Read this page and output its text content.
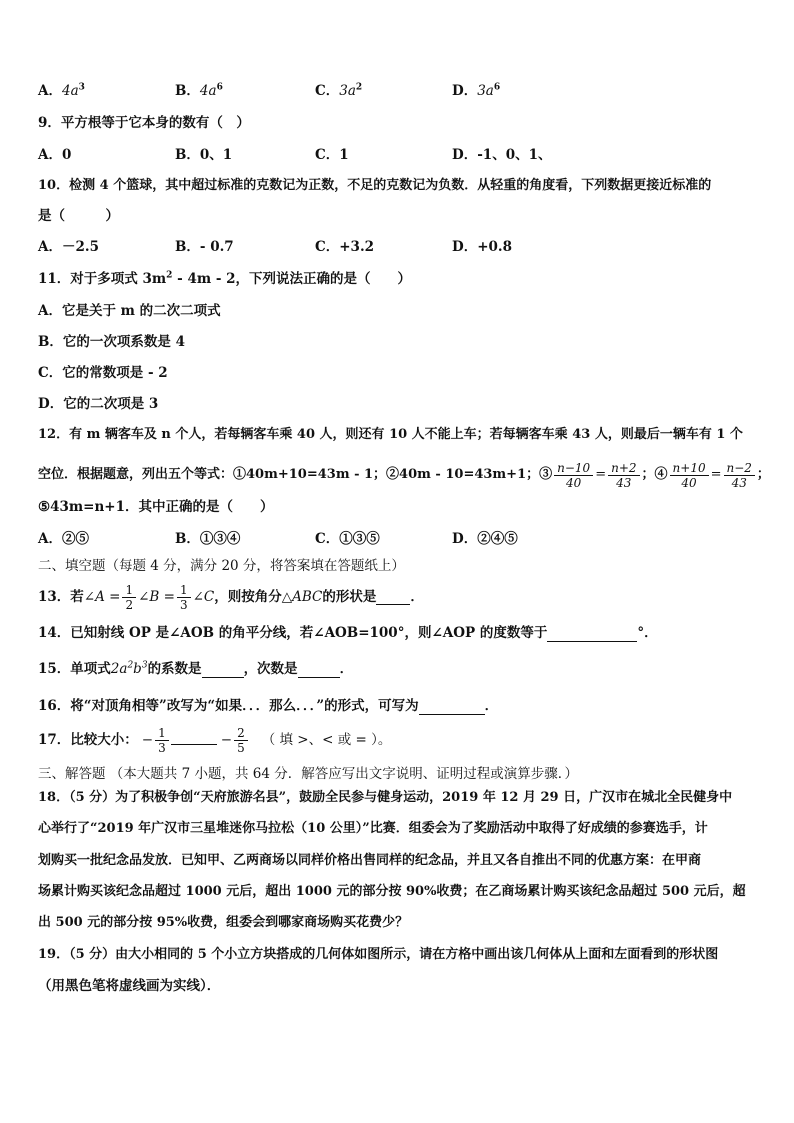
A．$4a^3$	B．$4a^6$	C．$3a^2$	D．$3a^6$
9．平方根等于它本身的数有（　）
A．0	B．0、1	C．1	D．-1、0、1、
10．检测 4 个篮球，其中超过标准的克数记为正数，不足的克数记为负数．从轻重的角度看，下列数据更接近标准的
是（　　　）
A．－2.5	B．- 0.7	C．+3.2	D．+0.8
11．对于多项式 $3m^2 - 4m - 2$，下列说法正确的是（　　）
A．它是关于 m 的二次二项式
B．它的一次项系数是 4
C．它的常数项是 - 2
D．它的二次项是 3
12．有 m 辆客车及 n 个人，若每辆客车乘 40 人，则还有 10 人不能上车；若每辆客车乘 43 人，则最后一辆车有 1 个
空位．根据题意，列出五个等式：①40m+10=43m - 1；②40m - 10=43m+1；③ $\frac{n-10}{40} = \frac{n+2}{43}$ ；④ $\frac{n+10}{40} = \frac{n-2}{43}$ ；
⑤43m=n+1．其中正确的是（　　）
A．②⑤	B．①③④	C．①③⑤	D．②④⑤
二、填空题（每题 4 分，满分 20 分，将答案填在答题纸上）
13．若 ∠A = $\frac{1}{2}$ ∠B = $\frac{1}{3}$ ∠C ，则按角分 △ABC 的形状是	．
14．已知射线 OP 是∠AOB 的角平分线，若∠AOB=100°，则∠AOP 的度数等于	°．
15．单项式$2a^2b^3$的系数是	，次数是	．
16．将“对顶角相等”改写为“如果．．．那么．．．”的形式，可写为	．
17．比较大小： − $\frac{1}{3}$	− $\frac{2}{5}$ （ 填 >、< 或 = ）。
三、解答题 （本大题共 7 小题，共 64 分．解答应写出文字说明、证明过程或演算步骤．）
18．（5 分）为了积极争创“天府旅游名县”，鼓励全民参与健身运动，2019 年 12 月 29 日，广汉市在城北全民健身中
心举行了“2019 年广汉市三星堆迷你马拉松（10 公里）”比赛．组委会为了奖励活动中取得了好成绩的参赛选手，计
划购买一批纪念品发放．已知甲、乙两商场以同样价格出售同样的纪念品，并且又各自推出不同的优惠方案：在甲商
场累计购买该纪念品超过 1000 元后，超出 1000 元的部分按 90%收费；在乙商场累计购买该纪念品超过 500 元后，超
出 500 元的部分按 95%收费，组委会到哪家商场购买花费少？
19．（5 分）由大小相同的 5 个小立方块搭成的几何体如图所示，请在方格中画出该几何体从上面和左面看到的形状图
（用黑色笔将虚线画为实线）．
